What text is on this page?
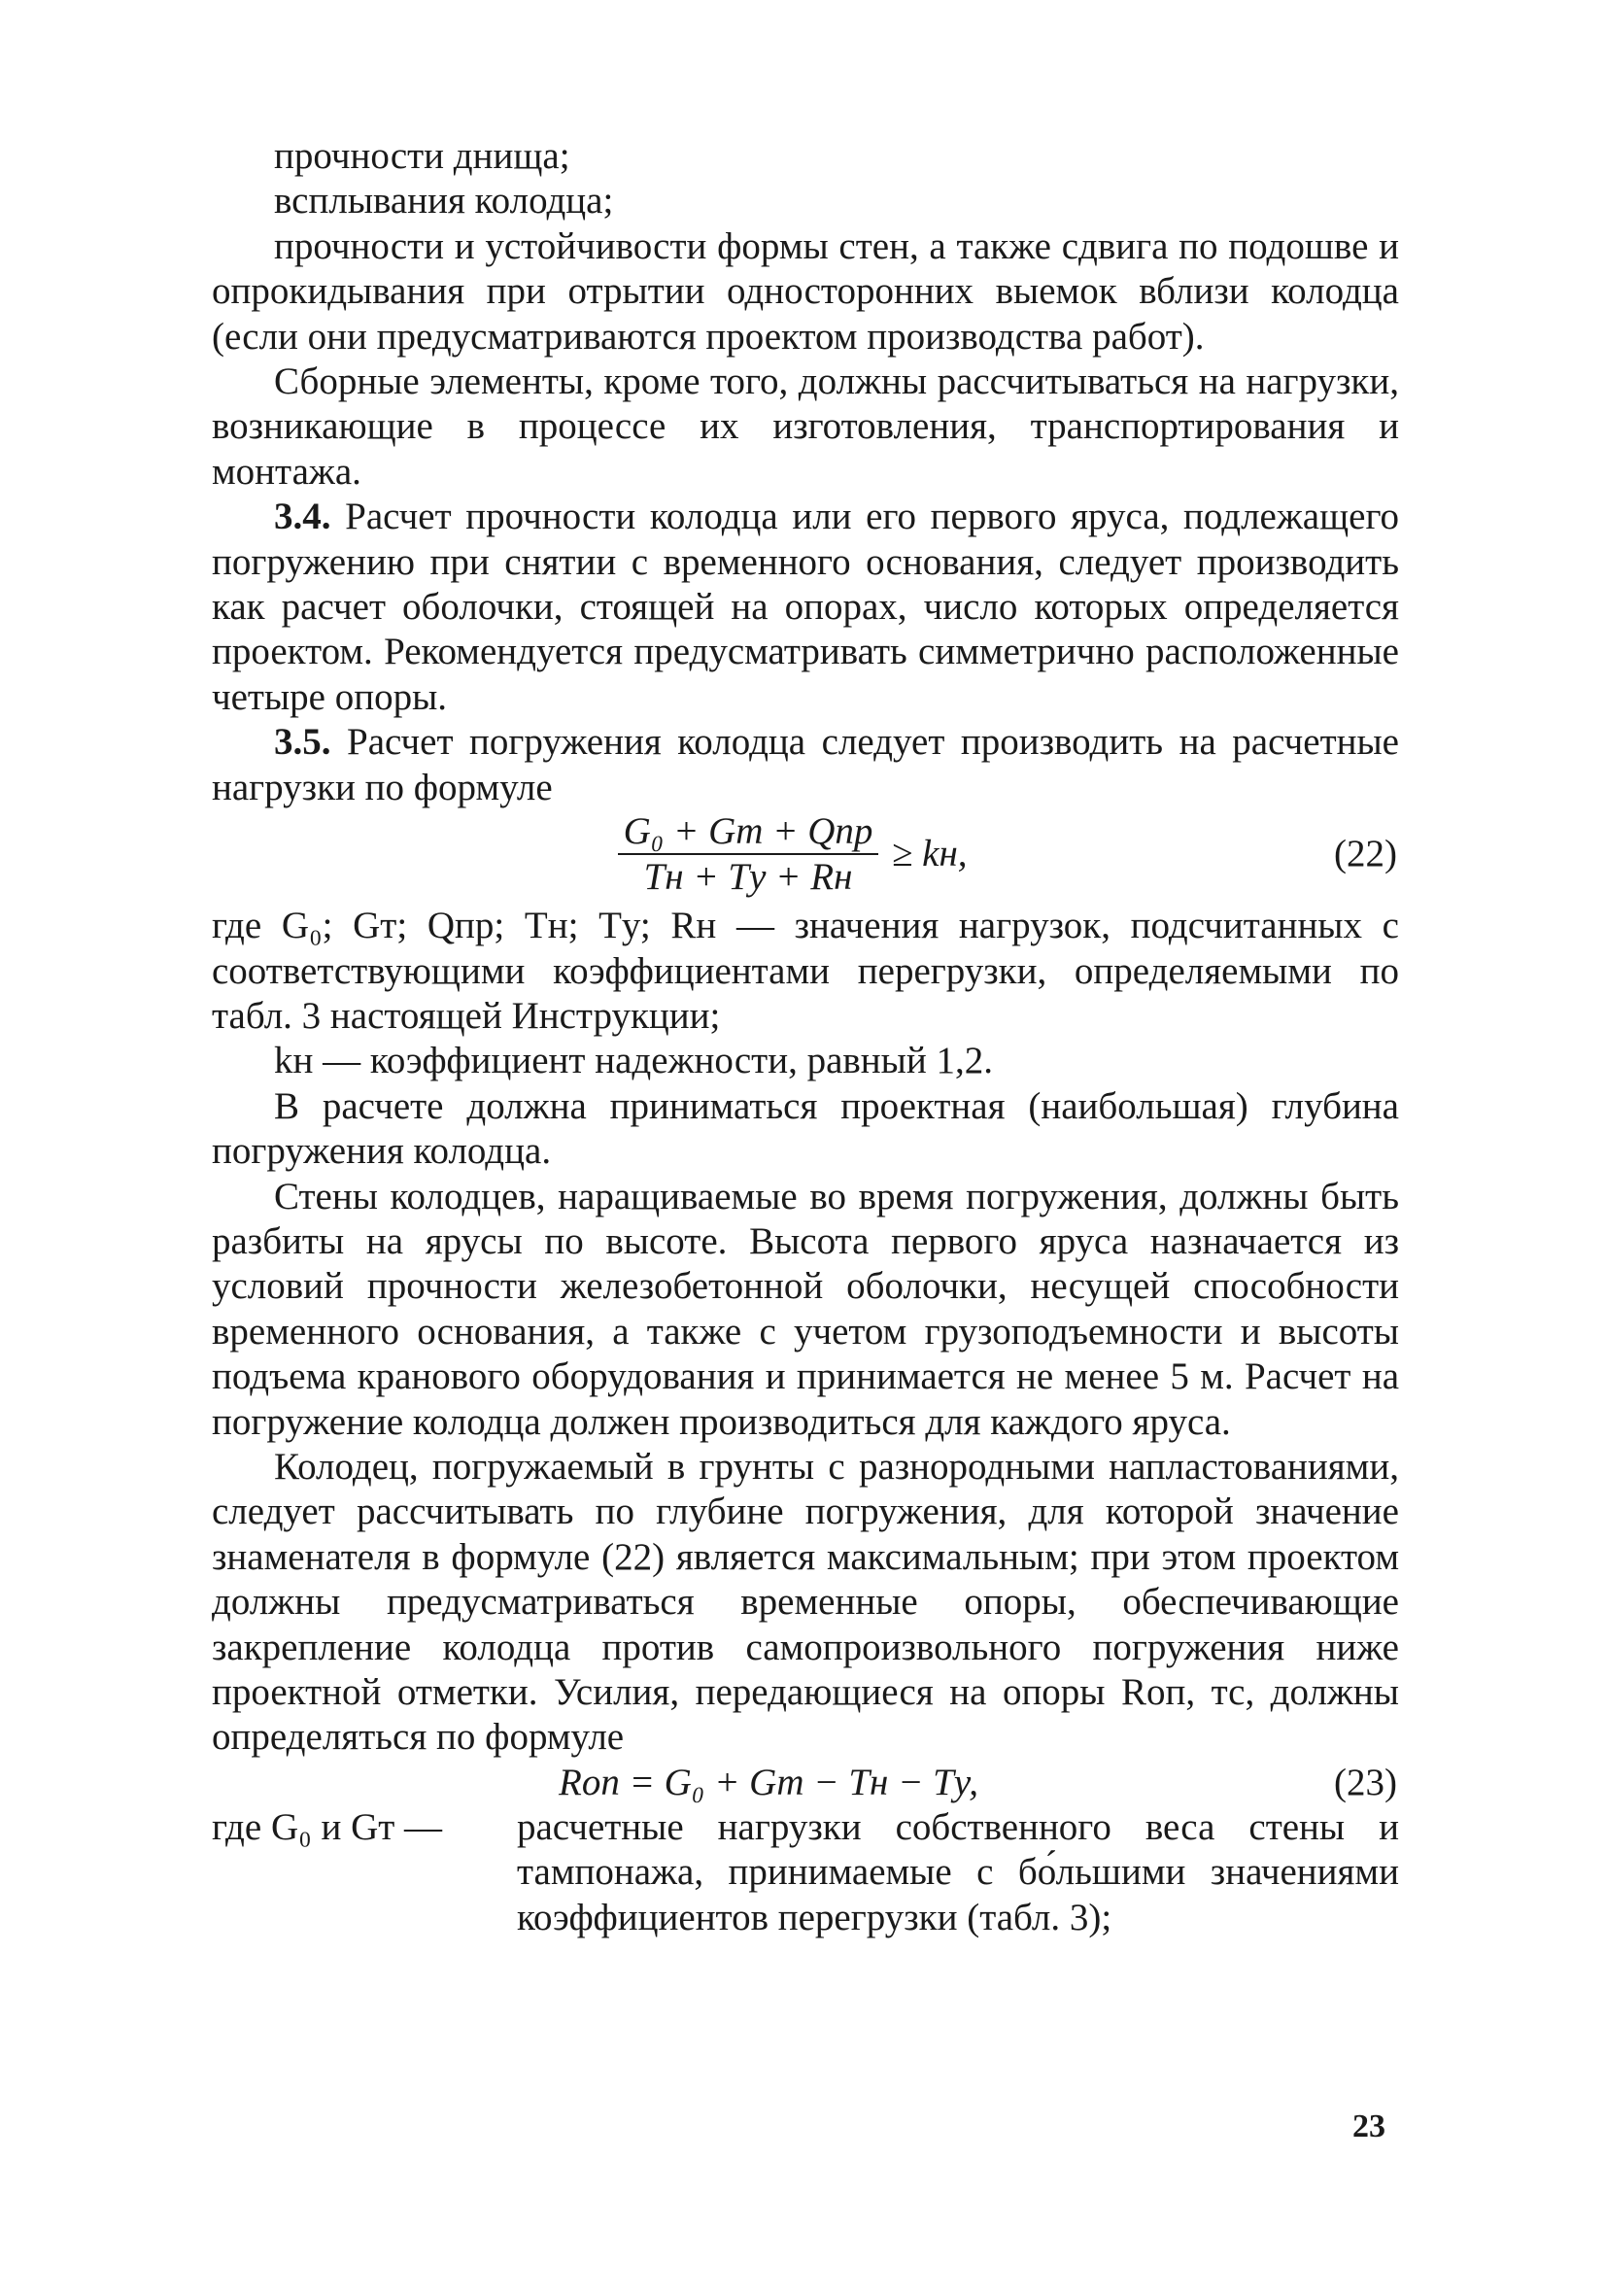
прочности днища;

всплывания колодца;

прочности и устойчивости формы стен, а также сдвига по подошве и опрокидывания при отрытии односторонних выемок вблизи колодца (если они предусматриваются проектом производства работ).

Сборные элементы, кроме того, должны рассчитываться на нагрузки, возникающие в процессе их изготовления, транспортирования и монтажа.

3.4. Расчет прочности колодца или его первого яруса, подлежащего погружению при снятии с временного основания, следует производить как расчет оболочки, стоящей на опорах, число которых определяется проектом. Рекомендуется предусматривать симметрично расположенные четыре опоры.

3.5. Расчет погружения колодца следует производить на расчетные нагрузки по формуле

G₀ + Gт + Qпр
Tн + Tу + Rн
≥ kн,	(22)

где G₀; Gт; Qпр; Tн; Tу; Rн — значения нагрузок, подсчитанных с соответствующими коэффициентами перегрузки, определяемыми по табл. 3 настоящей Инструкции;

kн — коэффициент надежности, равный 1,2.

В расчете должна приниматься проектная (наибольшая) глубина погружения колодца.

Стены колодцев, наращиваемые во время погружения, должны быть разбиты на ярусы по высоте. Высота первого яруса назначается из условий прочности железобетонной оболочки, несущей способности временного основания, а также с учетом грузоподъемности и высоты подъема кранового оборудования и принимается не менее 5 м. Расчет на погружение колодца должен производиться для каждого яруса.

Колодец, погружаемый в грунты с разнородными напластованиями, следует рассчитывать по глубине погружения, для которой значение знаменателя в формуле (22) является максимальным; при этом проектом должны предусматриваться временные опоры, обеспечивающие закрепление колодца против самопроизвольного погружения ниже проектной отметки. Усилия, передающиеся на опоры Rоп, тс, должны определяться по формуле

Rоп = G₀ + Gт − Tн − Tу,	(23)
где G₀ и Gт —	расчетные нагрузки собственного веса стены и тампонажа, принимаемые с бо́льшими значениями коэффициентов перегрузки (табл. 3);
23
